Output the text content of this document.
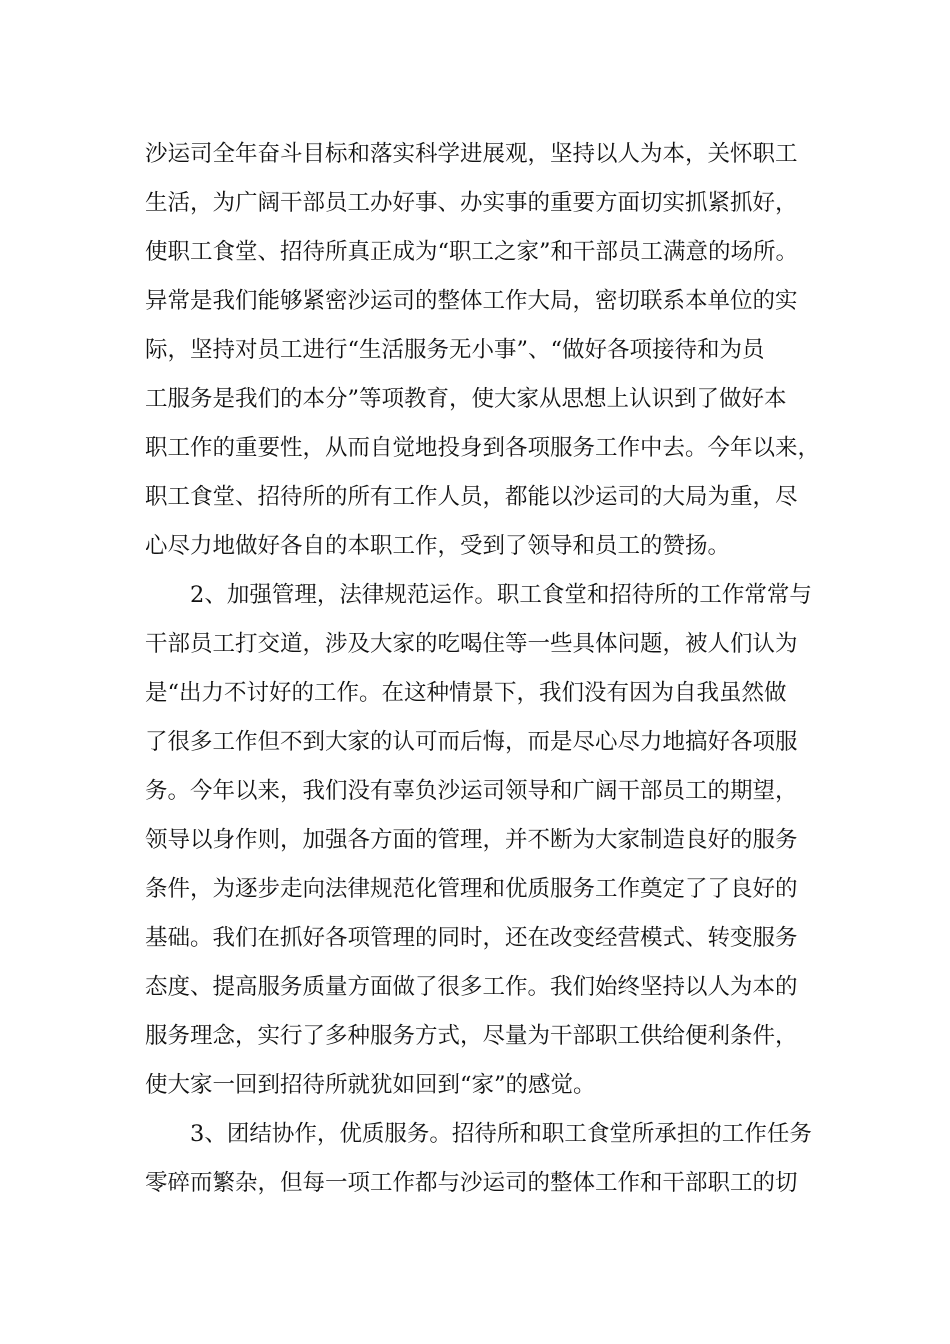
沙运司全年奋斗目标和落实科学进展观，坚持以人为本，关怀职工
生活，为广阔干部员工办好事、办实事的重要方面切实抓紧抓好，
使职工食堂、招待所真正成为“职工之家”和干部员工满意的场所。
异常是我们能够紧密沙运司的整体工作大局，密切联系本单位的实
际，坚持对员工进行“生活服务无小事”、“做好各项接待和为员
工服务是我们的本分”等项教育，使大家从思想上认识到了做好本
职工作的重要性，从而自觉地投身到各项服务工作中去。今年以来，
职工食堂、招待所的所有工作人员，都能以沙运司的大局为重，尽
心尽力地做好各自的本职工作，受到了领导和员工的赞扬。
2、加强管理，法律规范运作。职工食堂和招待所的工作常常与
干部员工打交道，涉及大家的吃喝住等一些具体问题，被人们认为
是“出力不讨好的工作。在这种情景下，我们没有因为自我虽然做
了很多工作但不到大家的认可而后悔，而是尽心尽力地搞好各项服
务。今年以来，我们没有辜负沙运司领导和广阔干部员工的期望，
领导以身作则，加强各方面的管理，并不断为大家制造良好的服务
条件，为逐步走向法律规范化管理和优质服务工作奠定了了良好的
基础。我们在抓好各项管理的同时，还在改变经营模式、转变服务
态度、提高服务质量方面做了很多工作。我们始终坚持以人为本的
服务理念，实行了多种服务方式，尽量为干部职工供给便利条件，
使大家一回到招待所就犹如回到“家”的感觉。
3、团结协作，优质服务。招待所和职工食堂所承担的工作任务
零碎而繁杂，但每一项工作都与沙运司的整体工作和干部职工的切
